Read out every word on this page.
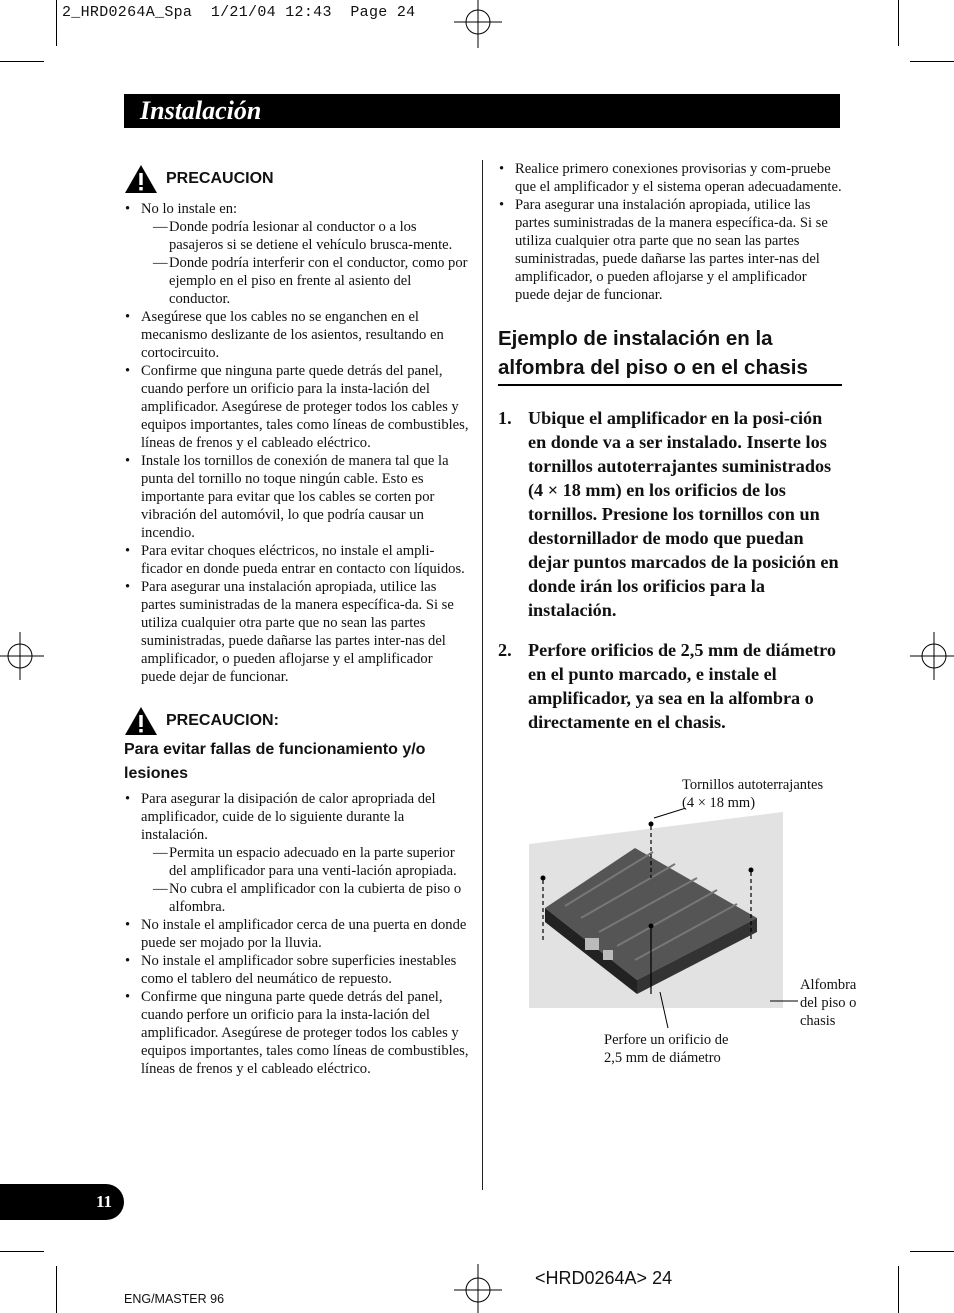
2_HRD0264A_Spa  1/21/04 12:43  Page 24
Instalación
PRECAUCION
• No lo instale en:
— Donde podría lesionar al conductor o a los pasajeros si se detiene el vehículo brusca-mente.
— Donde podría interferir con el conductor, como por ejemplo en el piso en frente al asiento del conductor.
• Asegúrese que los cables no se enganchen en el mecanismo deslizante de los asientos, resultando en cortocircuito.
• Confirme que ninguna parte quede detrás del panel, cuando perfore un orificio para la insta-lación del amplificador. Asegúrese de proteger todos los cables y equipos importantes, tales como líneas de combustibles, líneas de frenos y el cableado eléctrico.
• Instale los tornillos de conexión de manera tal que la punta del tornillo no toque ningún cable. Esto es importante para evitar que los cables se corten por vibración del automóvil, lo que podría causar un incendio.
• Para evitar choques eléctricos, no instale el ampli-ficador en donde pueda entrar en contacto con líquidos.
• Para asegurar una instalación apropiada, utilice las partes suministradas de la manera específica-da. Si se utiliza cualquier otra parte que no sean las partes suministradas, puede dañarse las partes inter-nas del amplificador, o pueden aflojarse y el amplificador puede dejar de funcionar.
PRECAUCION:
Para evitar fallas de funcionamiento y/o lesiones
• Para asegurar la disipación de calor apropriada del amplificador, cuide de lo siguiente durante la instalación.
— Permita un espacio adecuado en la parte superior del amplificador para una venti-lación apropiada.
— No cubra el amplificador con la cubierta de piso o alfombra.
• No instale el amplificador cerca de una puerta en donde puede ser mojado por la lluvia.
• No instale el amplificador sobre superficies inestables como el tablero del neumático de repuesto.
• Confirme que ninguna parte quede detrás del panel, cuando perfore un orificio para la insta-lación del amplificador. Asegúrese de proteger todos los cables y equipos importantes, tales como líneas de combustibles, líneas de frenos y el cableado eléctrico.
• Realice primero conexiones provisorias y com-pruebe que el amplificador y el sistema operan adecuadamente.
• Para asegurar una instalación apropiada, utilice las partes suministradas de la manera específica-da. Si se utiliza cualquier otra parte que no sean las partes suministradas, puede dañarse las partes inter-nas del amplificador, o pueden aflojarse y el amplificador puede dejar de funcionar.
Ejemplo de instalación en la alfombra del piso o en el chasis
1. Ubique el amplificador en la posi-ción en donde va a ser instalado. Inserte los tornillos autoterrajantes suministrados (4 × 18 mm) en los orificios de los tornillos. Presione los tornillos con un destornillador de modo que puedan dejar puntos marcados de la posición en donde irán los orificios para la instalación.
2. Perfore orificios de 2,5 mm de diámetro en el punto marcado, e instale el amplificador, ya sea en la alfombra o directamente en el chasis.
Tornillos autoterrajantes
(4 × 18 mm)
Alfombra
del piso o
chasis
Perfore un orificio de
2,5 mm de diámetro
11
<HRD0264A> 24
ENG/MASTER 96
